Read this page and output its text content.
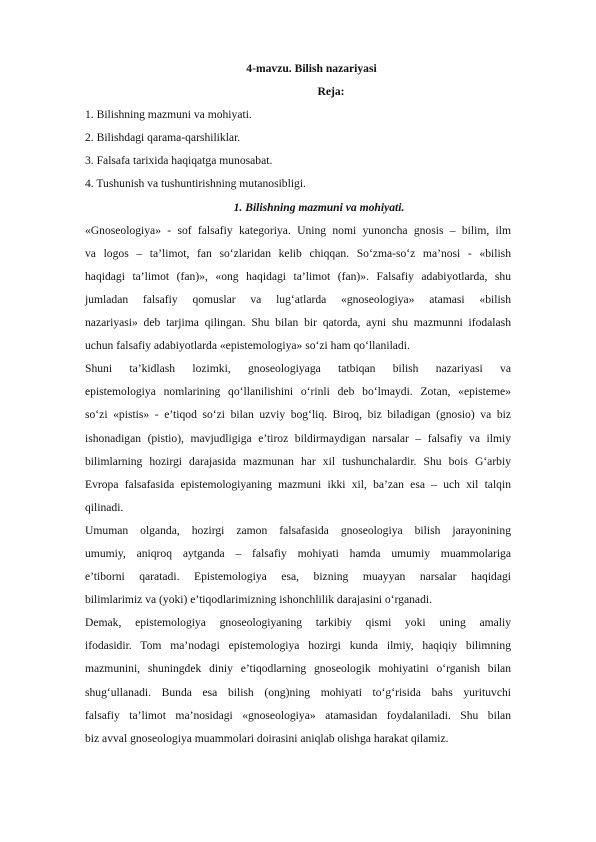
4-mavzu. Bilish nazariyasi
Reja:
1. Bilishning mazmuni va mohiyati.
2. Bilishdagi qarama-qarshiliklar.
3. Falsafa tarixida haqiqatga munosabat.
4. Tushunish va tushuntirishning mutanosibligi.
1. Bilishning mazmuni va mohiyati.
«Gnoseologiya» - sof falsafiy kategoriya. Uning nomi yunoncha gnosis – bilim, ilm
va logos – ta’limot, fan so‘zlaridan kelib chiqqan. So‘zma-so‘z ma’nosi - «bilish
haqidagi ta’limot (fan)», «ong haqidagi ta’limot (fan)». Falsafiy adabiyotlarda, shu
jumladan falsafiy qomuslar va lug‘atlarda «gnoseologiya» atamasi «bilish
nazariyasi» deb tarjima qilingan. Shu bilan bir qatorda, ayni shu mazmunni ifodalash
uchun falsafiy adabiyotlarda «epistemologiya» so‘zi ham qo‘llaniladi.
Shuni ta’kidlash lozimki, gnoseologiyaga tatbiqan bilish nazariyasi va
epistemologiya nomlarining qo‘llanilishini o‘rinli deb bo‘lmaydi. Zotan, «episteme»
so‘zi «pistis» - e’tiqod so‘zi bilan uzviy bog‘liq. Biroq, biz biladigan (gnosio) va biz
ishonadigan (pistio), mavjudligiga e’tiroz bildirmaydigan narsalar – falsafiy va ilmiy
bilimlarning hozirgi darajasida mazmunan har xil tushunchalardir. Shu bois G‘arbiy
Evropa falsafasida epistemologiyaning mazmuni ikki xil, ba’zan esa – uch xil talqin
qilinadi.
Umuman olganda, hozirgi zamon falsafasida gnoseologiya bilish jarayonining
umumiy, aniqroq aytganda – falsafiy mohiyati hamda umumiy muammolariga
e’tiborni qaratadi. Epistemologiya esa, bizning muayyan narsalar haqidagi
bilimlarimiz va (yoki) e’tiqodlarimizning ishonchlilik darajasini o‘rganadi.
Demak, epistemologiya gnoseologiyaning tarkibiy qismi yoki uning amaliy
ifodasidir. Tom ma’nodagi epistemologiya hozirgi kunda ilmiy, haqiqiy bilimning
mazmunini, shuningdek diniy e’tiqodlarning gnoseologik mohiyatini o‘rganish bilan
shug‘ullanadi. Bunda esa bilish (ong)ning mohiyati to‘g‘risida bahs yurituvchi
falsafiy ta’limot ma’nosidagi «gnoseologiya» atamasidan foydalaniladi. Shu bilan
biz avval gnoseologiya muammolari doirasini aniqlab olishga harakat qilamiz.
